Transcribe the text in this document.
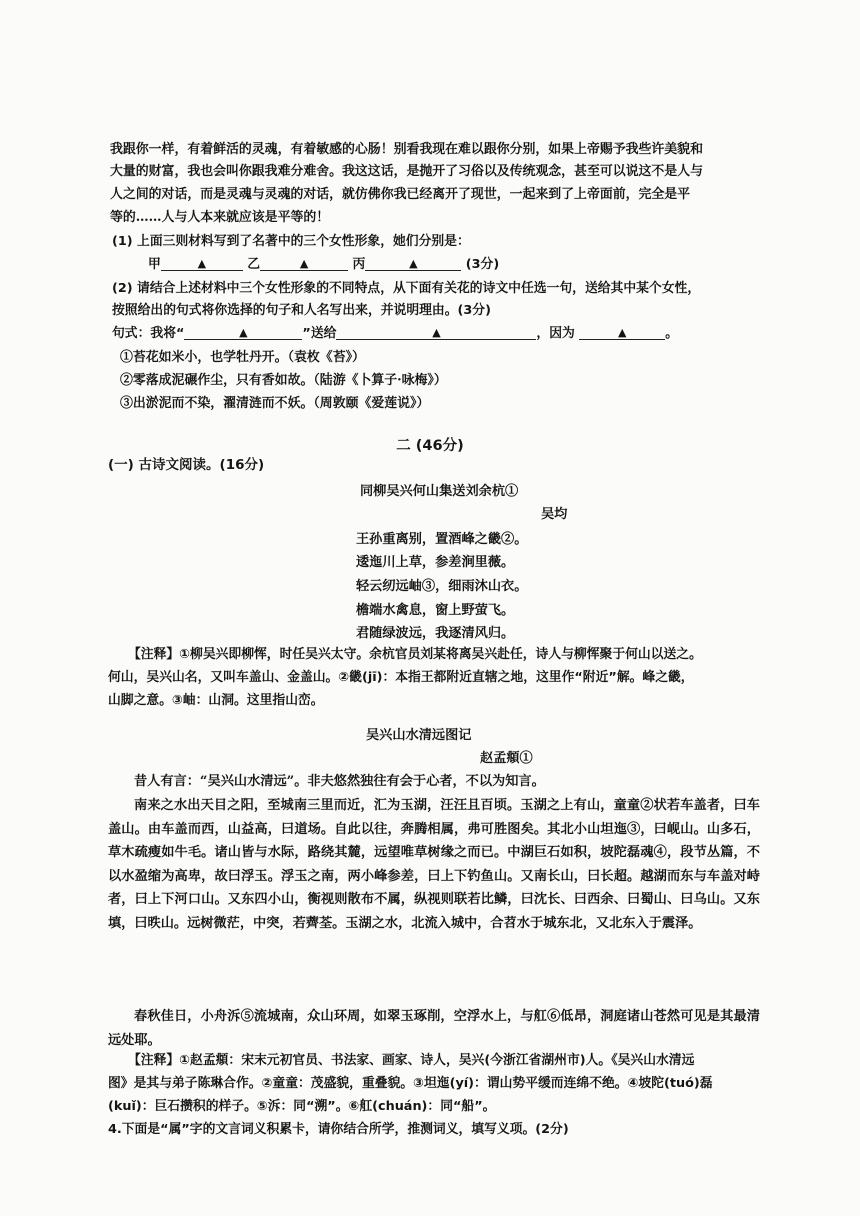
我跟你一样，有着鲜活的灵魂，有着敏感的心肠！别看我现在难以跟你分别，如果上帝赐予我些许美貌和
大量的财富，我也会叫你跟我难分难舍。我这这话，是抛开了习俗以及传统观念，甚至可以说这不是人与
人之间的对话，而是灵魂与灵魂的对话，就仿佛你我已经离开了现世，一起来到了上帝面前，完全是平
等的……人与人本来就应该是平等的！
(1) 上面三则材料写到了名著中的三个女性形象，她们分别是：
甲	▲	乙	▲	丙	▲	(3分)
(2) 请结合上述材料中三个女性形象的不同特点，从下面有关花的诗文中任选一句，送给其中某个女性，
按照给出的句式将你选择的句子和人名写出来，并说明理由。(3分)
句式：我将“	▲	”送给	▲	，因为	▲	。
①苔花如米小，也学牡丹开。（袁枚《苔》）
②零落成泥碾作尘，只有香如故。（陆游《卜算子·咏梅》）
③出淤泥而不染，濯清涟而不妖。（周敦颐《爱莲说》）
二 (46分)
(一) 古诗文阅读。(16分)
同柳吴兴何山集送刘余杭①
吴均
王孙重离别，置酒峰之畿②。
逶迤川上草，参差涧里薇。
轻云纫远岫③，细雨沐山衣。
檐端水禽息，窗上野萤飞。
君随绿波远，我逐清风归。
【注释】①柳吴兴即柳恽，时任吴兴太守。余杭官员刘某将离吴兴赴任，诗人与柳恽聚于何山以送之。
何山，吴兴山名，又叫车盖山、金盖山。②畿(jī)：本指王都附近直辖之地，这里作“附近”解。峰之畿，
山脚之意。③岫：山洞。这里指山峦。
吴兴山水清远图记
赵孟頫①
昔人有言：“吴兴山水清远”。非夫悠然独往有会于心者，不以为知言。
南来之水出天目之阳，至城南三里而近，汇为玉湖，汪汪且百顷。玉湖之上有山，童童②状若车盖者，曰车盖山。由车盖而西，山益高，曰道场。自此以往，奔腾相属，弗可胜图矣。其北小山坦迤③，曰岘山。山多石，草木疏瘦如牛毛。诸山皆与水际，路绕其麓，远望唯草树缘之而已。中湖巨石如积，坡陀磊魂④，段节丛篇，不以水盈缩为高卑，故曰浮玉。浮玉之南，两小峰参差，曰上下钓鱼山。又南长山，曰长超。越湖而东与车盖对峙者，曰上下河口山。又东四小山，衡视则散布不属，纵视则联若比鳞，曰沈长、曰西余、曰蜀山、曰乌山。又东填，曰昳山。远树微茫，中突，若薺荃。玉湖之水，北流入城中，合苕水于城东北，又北东入于震泽。
春秋佳日，小舟泝⑤流城南，众山环周，如翠玉琢削，空浮水上，与舡⑥低昂，洞庭诸山苍然可见是其最清远处耶。
【注释】①赵孟頫：宋末元初官员、书法家、画家、诗人，吴兴(今浙江省湖州市)人。《吴兴山水清远
图》是其与弟子陈琳合作。②童童：茂盛貌，重叠貌。③坦迤(yí)：谓山势平缓而连绵不绝。④坡陀(tuó)磊
(kuǐ)：巨石攒积的样子。⑤泝：同“溯”。⑥舡(chuán)：同“船”。
4.下面是“属”字的文言词义积累卡，请你结合所学，推测词义，填写义项。(2分)
